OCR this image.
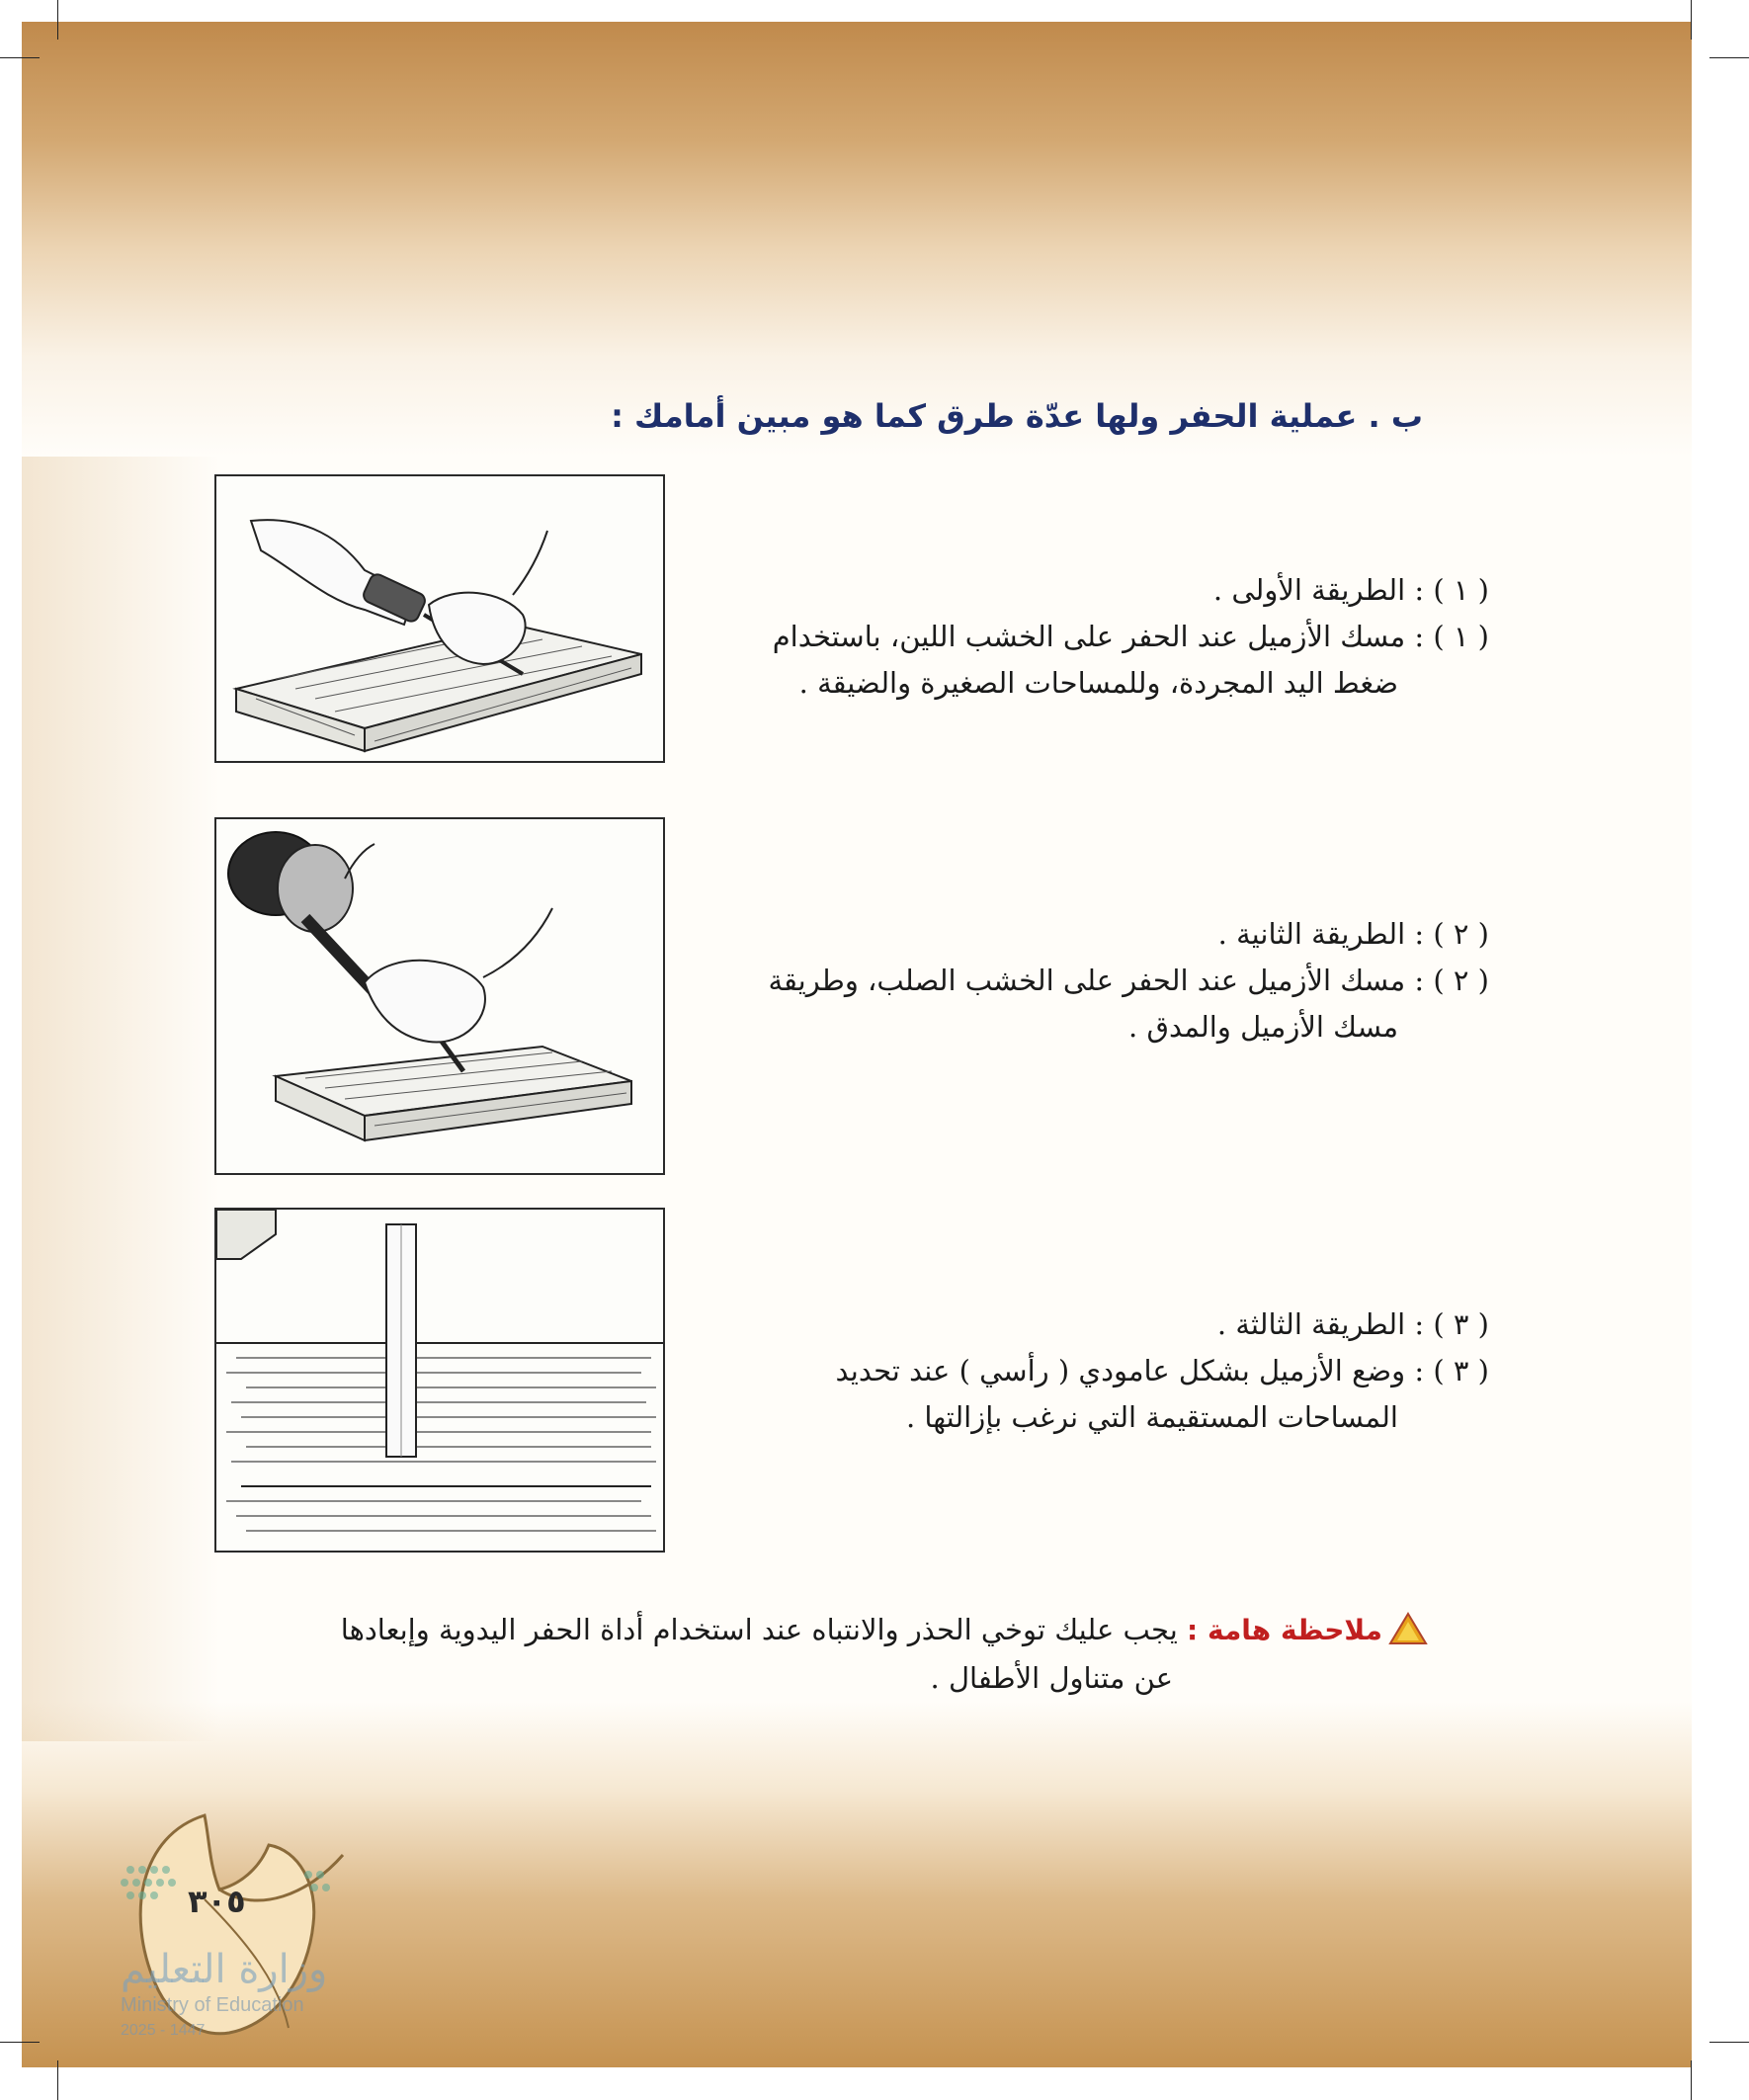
ب . عملية الحفر ولها عدّة طرق كما هو مبين أمامك :

( ١ ) : الطريقة الأولى .

( ١ ) : مسك الأزميل عند الحفر على الخشب اللين، باستخدام

ضغط اليد المجردة، وللمساحات الصغيرة والضيقة .

( ٢ ) : الطريقة الثانية .

( ٢ ) : مسك الأزميل عند الحفر على الخشب الصلب، وطريقة

مسك الأزميل والمدق .

( ٣ ) : الطريقة الثالثة .

( ٣ ) : وضع الأزميل بشكل عامودي ( رأسي ) عند تحديد

المساحات المستقيمة التي نرغب بإزالتها .

ملاحظة هامة : يجب عليك توخي الحذر والانتباه عند استخدام أداة الحفر اليدوية وإبعادها

عن متناول الأطفال .

٣٠٥
وزارة التعليم
Ministry of Education
2025 - 1447
